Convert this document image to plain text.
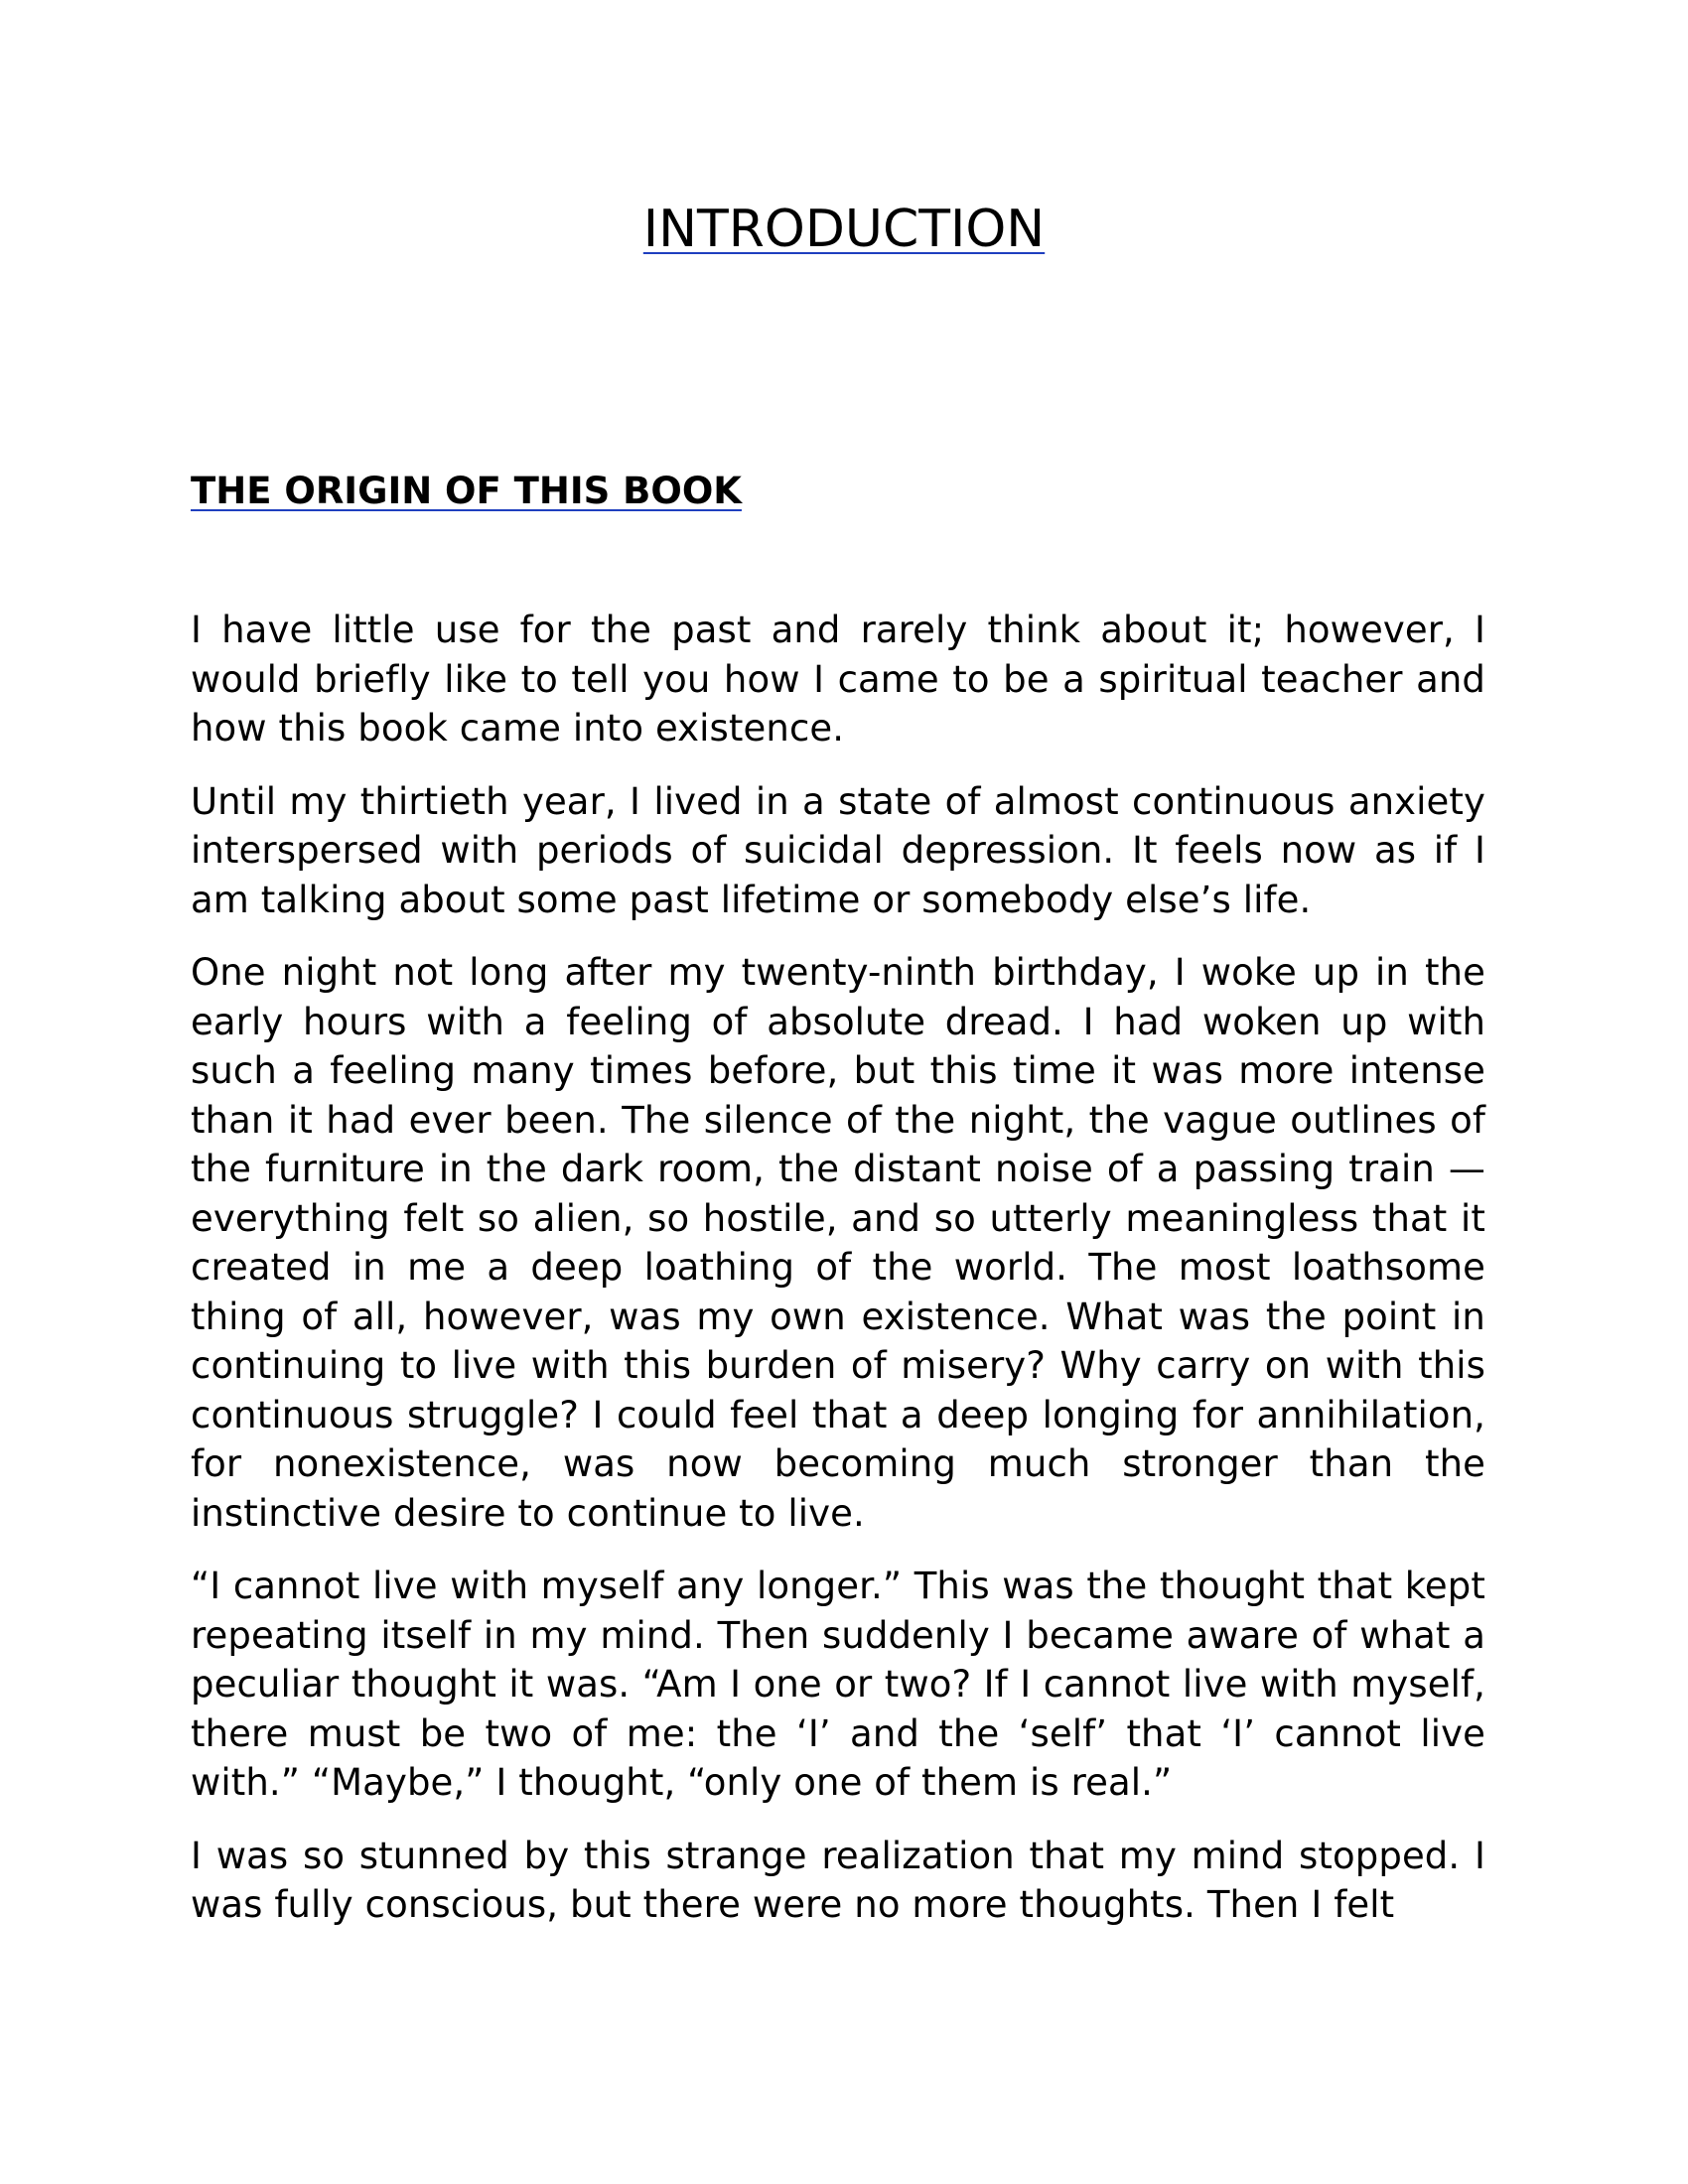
INTRODUCTION
THE ORIGIN OF THIS BOOK

I have little use for the past and rarely think about it; however, I would briefly like to tell you how I came to be a spiritual teacher and how this book came into existence.

Until my thirtieth year, I lived in a state of almost continuous anxiety interspersed with periods of suicidal depression. It feels now as if I am talking about some past lifetime or somebody else’s life.

One night not long after my twenty-ninth birthday, I woke up in the early hours with a feeling of absolute dread. I had woken up with such a feeling many times before, but this time it was more intense than it had ever been. The silence of the night, the vague outlines of the furniture in the dark room, the distant noise of a passing train — everything felt so alien, so hostile, and so utterly meaningless that it created in me a deep loathing of the world. The most loathsome thing of all, however, was my own existence. What was the point in continuing to live with this burden of misery? Why carry on with this continuous struggle? I could feel that a deep longing for annihilation, for nonexistence, was now becoming much stronger than the instinctive desire to continue to live.

“I cannot live with myself any longer.” This was the thought that kept repeating itself in my mind. Then suddenly I became aware of what a peculiar thought it was. “Am I one or two? If I cannot live with myself, there must be two of me: the ‘I’ and the ‘self’ that ‘I’ cannot live with.” “Maybe,” I thought, “only one of them is real.”

I was so stunned by this strange realization that my mind stopped. I was fully conscious, but there were no more thoughts. Then I felt
